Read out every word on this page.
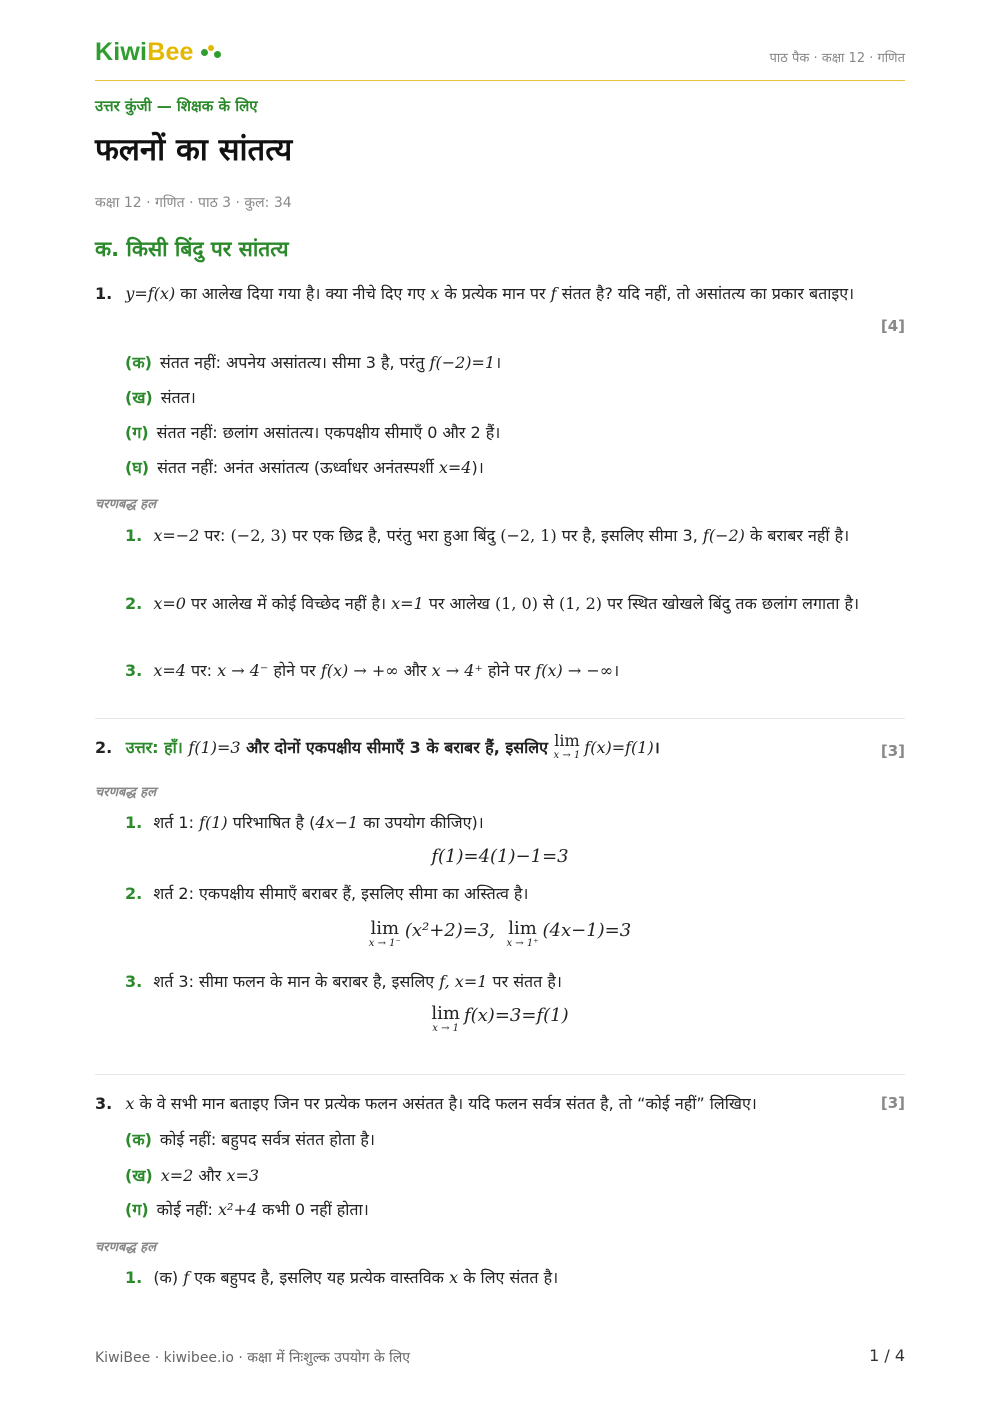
KiwiBee	पाठ पैक · कक्षा 12 · गणित
उत्तर कुंजी — शिक्षक के लिए
फलनों का सांतत्य
कक्षा 12 · गणित · पाठ 3 · कुल: 34
क. किसी बिंदु पर सांतत्य
1. y=f(x) का आलेख दिया गया है। क्या नीचे दिए गए x के प्रत्येक मान पर f संतत है? यदि नहीं, तो असांतत्य का प्रकार बताइए।
[4]
(क) संतत नहीं: अपनेय असांतत्य। सीमा 3 है, परंतु f(−2)=1।
(ख) संतत।
(ग) संतत नहीं: छलांग असांतत्य। एकपक्षीय सीमाएँ 0 और 2 हैं।
(घ) संतत नहीं: अनंत असांतत्य (ऊर्ध्वाधर अनंतस्पर्शी x=4)।
चरणबद्ध हल
1. x=−2 पर: (−2, 3) पर एक छिद्र है, परंतु भरा हुआ बिंदु (−2, 1) पर है, इसलिए सीमा 3, f(−2) के बराबर नहीं है।
2. x=0 पर आलेख में कोई विच्छेद नहीं है। x=1 पर आलेख (1, 0) से (1, 2) पर स्थित खोखले बिंदु तक छलांग लगाता है।
3. x=4 पर: x → 4⁻ होने पर f(x) → +∞ और x → 4⁺ होने पर f(x) → −∞।
2. उत्तर: हाँ। f(1)=3 और दोनों एकपक्षीय सीमाएँ 3 के बराबर हैं, इसलिए lim
x → 1 f(x)=f(1)।	[3]
चरणबद्ध हल
1. शर्त 1: f(1) परिभाषित है (4x−1 का उपयोग कीजिए)।
f(1)=4(1)−1=3
2. शर्त 2: एकपक्षीय सीमाएँ बराबर हैं, इसलिए सीमा का अस्तित्व है।
lim
x → 1⁻
(x²+2)=3, lim
x → 1⁺
(4x−1)=3
3. शर्त 3: सीमा फलन के मान के बराबर है, इसलिए f, x=1 पर संतत है।
lim
x → 1
f(x)=3=f(1)
3. x के वे सभी मान बताइए जिन पर प्रत्येक फलन असंतत है। यदि फलन सर्वत्र संतत है, तो “कोई नहीं” लिखिए।	[3]
(क) कोई नहीं: बहुपद सर्वत्र संतत होता है।
(ख) x=2 और x=3
(ग) कोई नहीं: x²+4 कभी 0 नहीं होता।
चरणबद्ध हल
1. (क) f एक बहुपद है, इसलिए यह प्रत्येक वास्तविक x के लिए संतत है।
KiwiBee · kiwibee.io · कक्षा में निःशुल्क उपयोग के लिए	1 / 4
